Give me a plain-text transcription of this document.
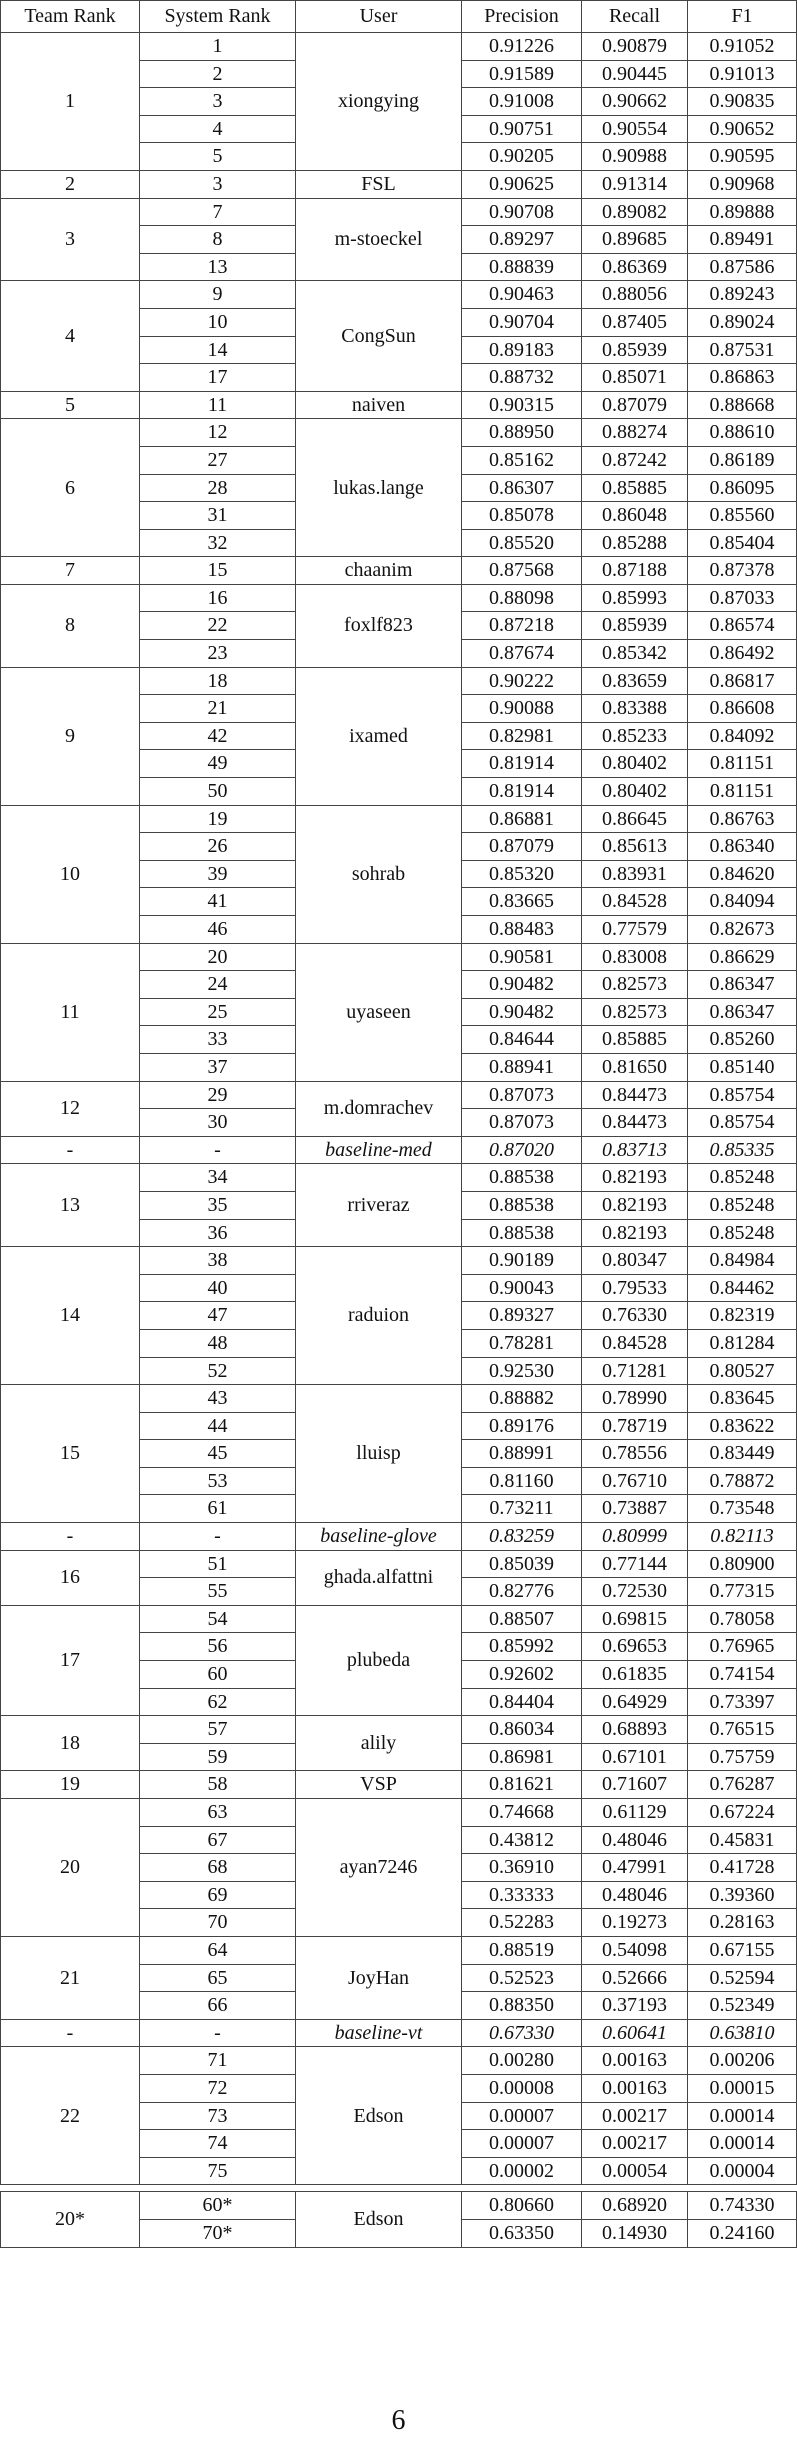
Team Rank	System Rank	User	Precision	Recall	F1
1	1	xiongying	0.91226	0.90879	0.91052
	2		0.91589	0.90445	0.91013
	3		0.91008	0.90662	0.90835
	4		0.90751	0.90554	0.90652
	5		0.90205	0.90988	0.90595
2	3	FSL	0.90625	0.91314	0.90968
3	7	m-stoeckel	0.90708	0.89082	0.89888
	8		0.89297	0.89685	0.89491
	13		0.88839	0.86369	0.87586
4	9	CongSun	0.90463	0.88056	0.89243
	10		0.90704	0.87405	0.89024
	14		0.89183	0.85939	0.87531
	17		0.88732	0.85071	0.86863
5	11	naiven	0.90315	0.87079	0.88668
6	12	lukas.lange	0.88950	0.88274	0.88610
	27		0.85162	0.87242	0.86189
	28		0.86307	0.85885	0.86095
	31		0.85078	0.86048	0.85560
	32		0.85520	0.85288	0.85404
7	15	chaanim	0.87568	0.87188	0.87378
8	16	foxlf823	0.88098	0.85993	0.87033
	22		0.87218	0.85939	0.86574
	23		0.87674	0.85342	0.86492
9	18	ixamed	0.90222	0.83659	0.86817
	21		0.90088	0.83388	0.86608
	42		0.82981	0.85233	0.84092
	49		0.81914	0.80402	0.81151
	50		0.81914	0.80402	0.81151
10	19	sohrab	0.86881	0.86645	0.86763
	26		0.87079	0.85613	0.86340
	39		0.85320	0.83931	0.84620
	41		0.83665	0.84528	0.84094
	46		0.88483	0.77579	0.82673
11	20	uyaseen	0.90581	0.83008	0.86629
	24		0.90482	0.82573	0.86347
	25		0.90482	0.82573	0.86347
	33		0.84644	0.85885	0.85260
	37		0.88941	0.81650	0.85140
12	29	m.domrachev	0.87073	0.84473	0.85754
	30		0.87073	0.84473	0.85754
-	-	baseline-med	0.87020	0.83713	0.85335
13	34	rriveraz	0.88538	0.82193	0.85248
	35		0.88538	0.82193	0.85248
	36		0.88538	0.82193	0.85248
14	38	raduion	0.90189	0.80347	0.84984
	40		0.90043	0.79533	0.84462
	47		0.89327	0.76330	0.82319
	48		0.78281	0.84528	0.81284
	52		0.92530	0.71281	0.80527
15	43	lluisp	0.88882	0.78990	0.83645
	44		0.89176	0.78719	0.83622
	45		0.88991	0.78556	0.83449
	53		0.81160	0.76710	0.78872
	61		0.73211	0.73887	0.73548
-	-	baseline-glove	0.83259	0.80999	0.82113
16	51	ghada.alfattni	0.85039	0.77144	0.80900
	55		0.82776	0.72530	0.77315
17	54	plubeda	0.88507	0.69815	0.78058
	56		0.85992	0.69653	0.76965
	60		0.92602	0.61835	0.74154
	62		0.84404	0.64929	0.73397
18	57	alily	0.86034	0.68893	0.76515
	59		0.86981	0.67101	0.75759
19	58	VSP	0.81621	0.71607	0.76287
20	63	ayan7246	0.74668	0.61129	0.67224
	67		0.43812	0.48046	0.45831
	68		0.36910	0.47991	0.41728
	69		0.33333	0.48046	0.39360
	70		0.52283	0.19273	0.28163
21	64	JoyHan	0.88519	0.54098	0.67155
	65		0.52523	0.52666	0.52594
	66		0.88350	0.37193	0.52349
-	-	baseline-vt	0.67330	0.60641	0.63810
22	71	Edson	0.00280	0.00163	0.00206
	72		0.00008	0.00163	0.00015
	73		0.00007	0.00217	0.00014
	74		0.00007	0.00217	0.00014
	75		0.00002	0.00054	0.00004

20*	60*	Edson	0.80660	0.68920	0.74330
	70*		0.63350	0.14930	0.24160
6
